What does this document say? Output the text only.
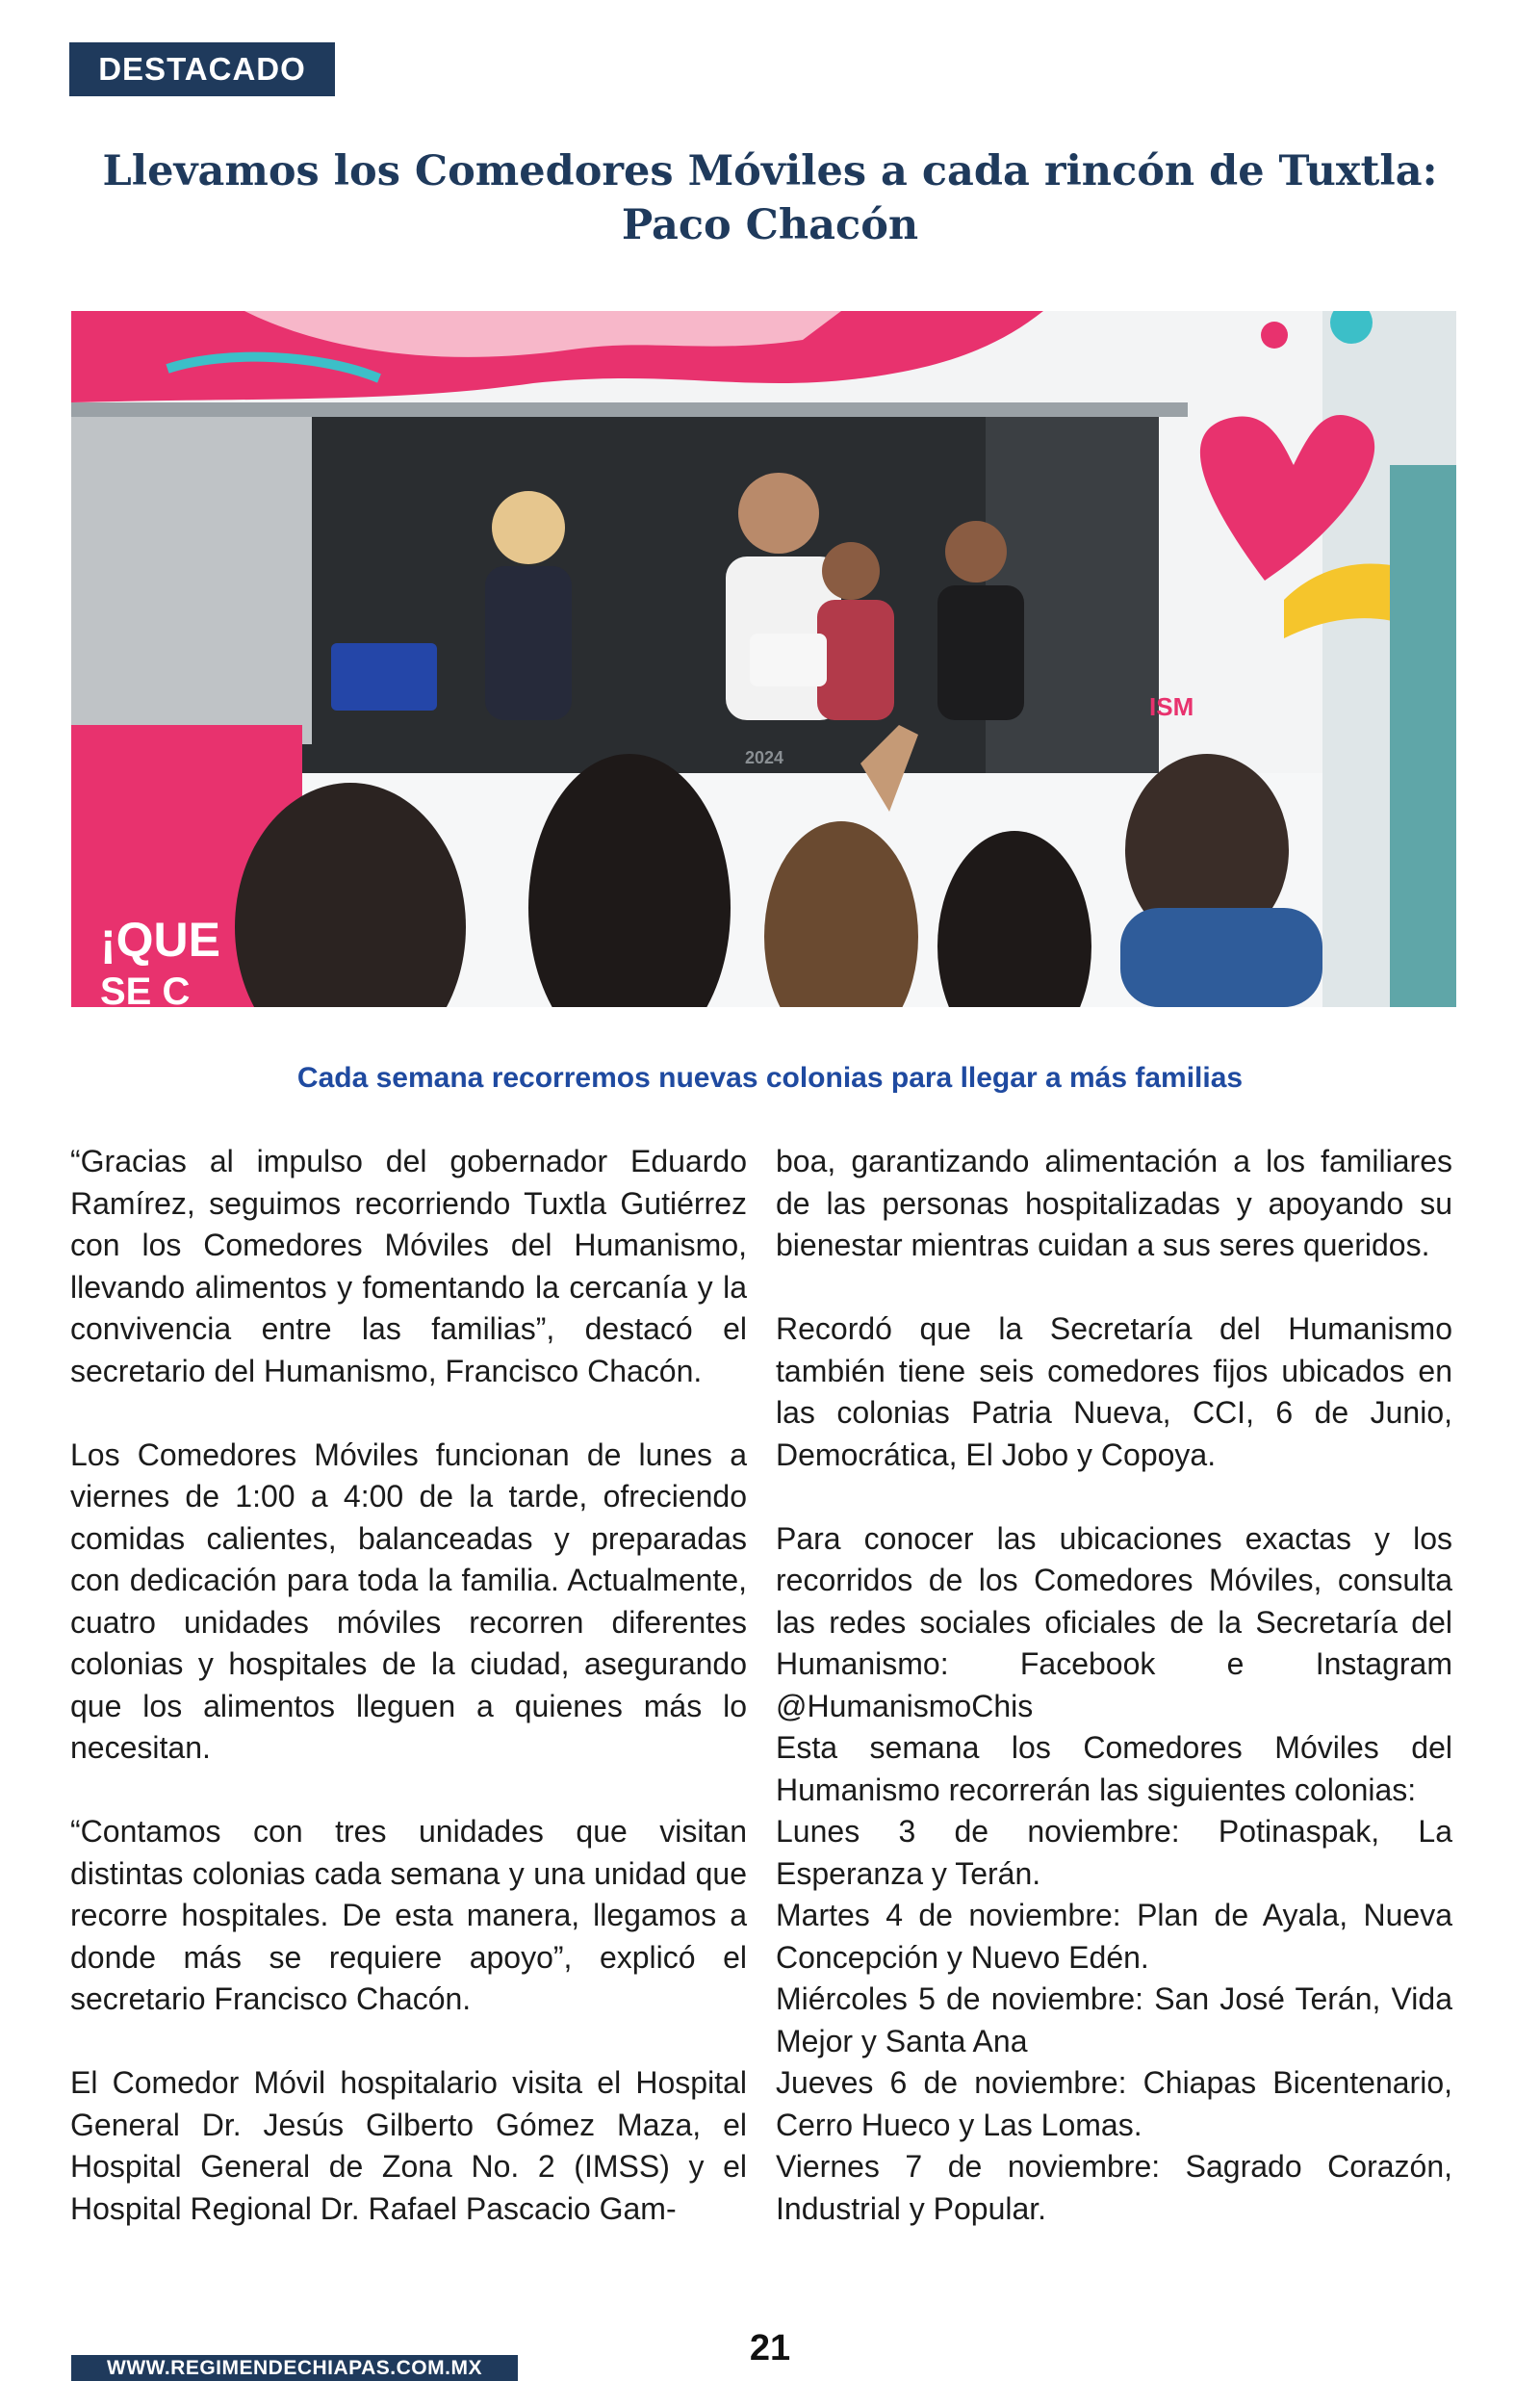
DESTACADO
Llevamos los Comedores Móviles a cada rincón de Tuxtla: Paco Chacón
¡QUE
SE C
2024
ISM

Cada semana recorremos nuevas colonias para llegar a más familias

“Gracias al impulso del gobernador Eduardo Ramírez, seguimos recorriendo Tuxtla Gutiérrez con los Comedores Móviles del Humanismo, llevando alimentos y fomentando la cercanía y la convivencia entre las familias”, destacó el secretario del Humanismo, Francisco Chacón.

Los Comedores Móviles funcionan de lunes a viernes de 1:00 a 4:00 de la tarde, ofreciendo comidas calientes, balanceadas y preparadas con dedicación para toda la familia. Actualmente, cuatro unidades móviles recorren diferentes colonias y hospitales de la ciudad, asegurando que los alimentos lleguen a quienes más lo necesitan.

“Contamos con tres unidades que visitan distintas colonias cada semana y una unidad que recorre hospitales. De esta manera, llegamos a donde más se requiere apoyo”, explicó el secretario Francisco Chacón.

El Comedor Móvil hospitalario visita el Hospital General Dr. Jesús Gilberto Gómez Maza, el Hospital General de Zona No. 2 (IMSS) y el Hospital Regional Dr. Rafael Pascacio Gam-

boa, garantizando alimentación a los familiares de las personas hospitalizadas y apoyando su bienestar mientras cuidan a sus seres queridos.

Recordó que la Secretaría del Humanismo también tiene seis comedores fijos ubicados en las colonias Patria Nueva, CCI, 6 de Junio, Democrática, El Jobo y Copoya.

Para conocer las ubicaciones exactas y los recorridos de los Comedores Móviles, consulta las redes sociales oficiales de la Secretaría del Humanismo: Facebook e Instagram @HumanismoChis

Esta semana los Comedores Móviles del Humanismo recorrerán las siguientes colonias:

Lunes 3 de noviembre: Potinaspak, La Esperanza y Terán.

Martes 4 de noviembre: Plan de Ayala, Nueva Concepción y Nuevo Edén.

Miércoles 5 de noviembre: San José Terán, Vida Mejor y Santa Ana

Jueves 6 de noviembre: Chiapas Bicentenario, Cerro Hueco y Las Lomas.

Viernes 7 de noviembre: Sagrado Corazón, Industrial y Popular.

21
WWW.REGIMENDECHIAPAS.COM.MX
